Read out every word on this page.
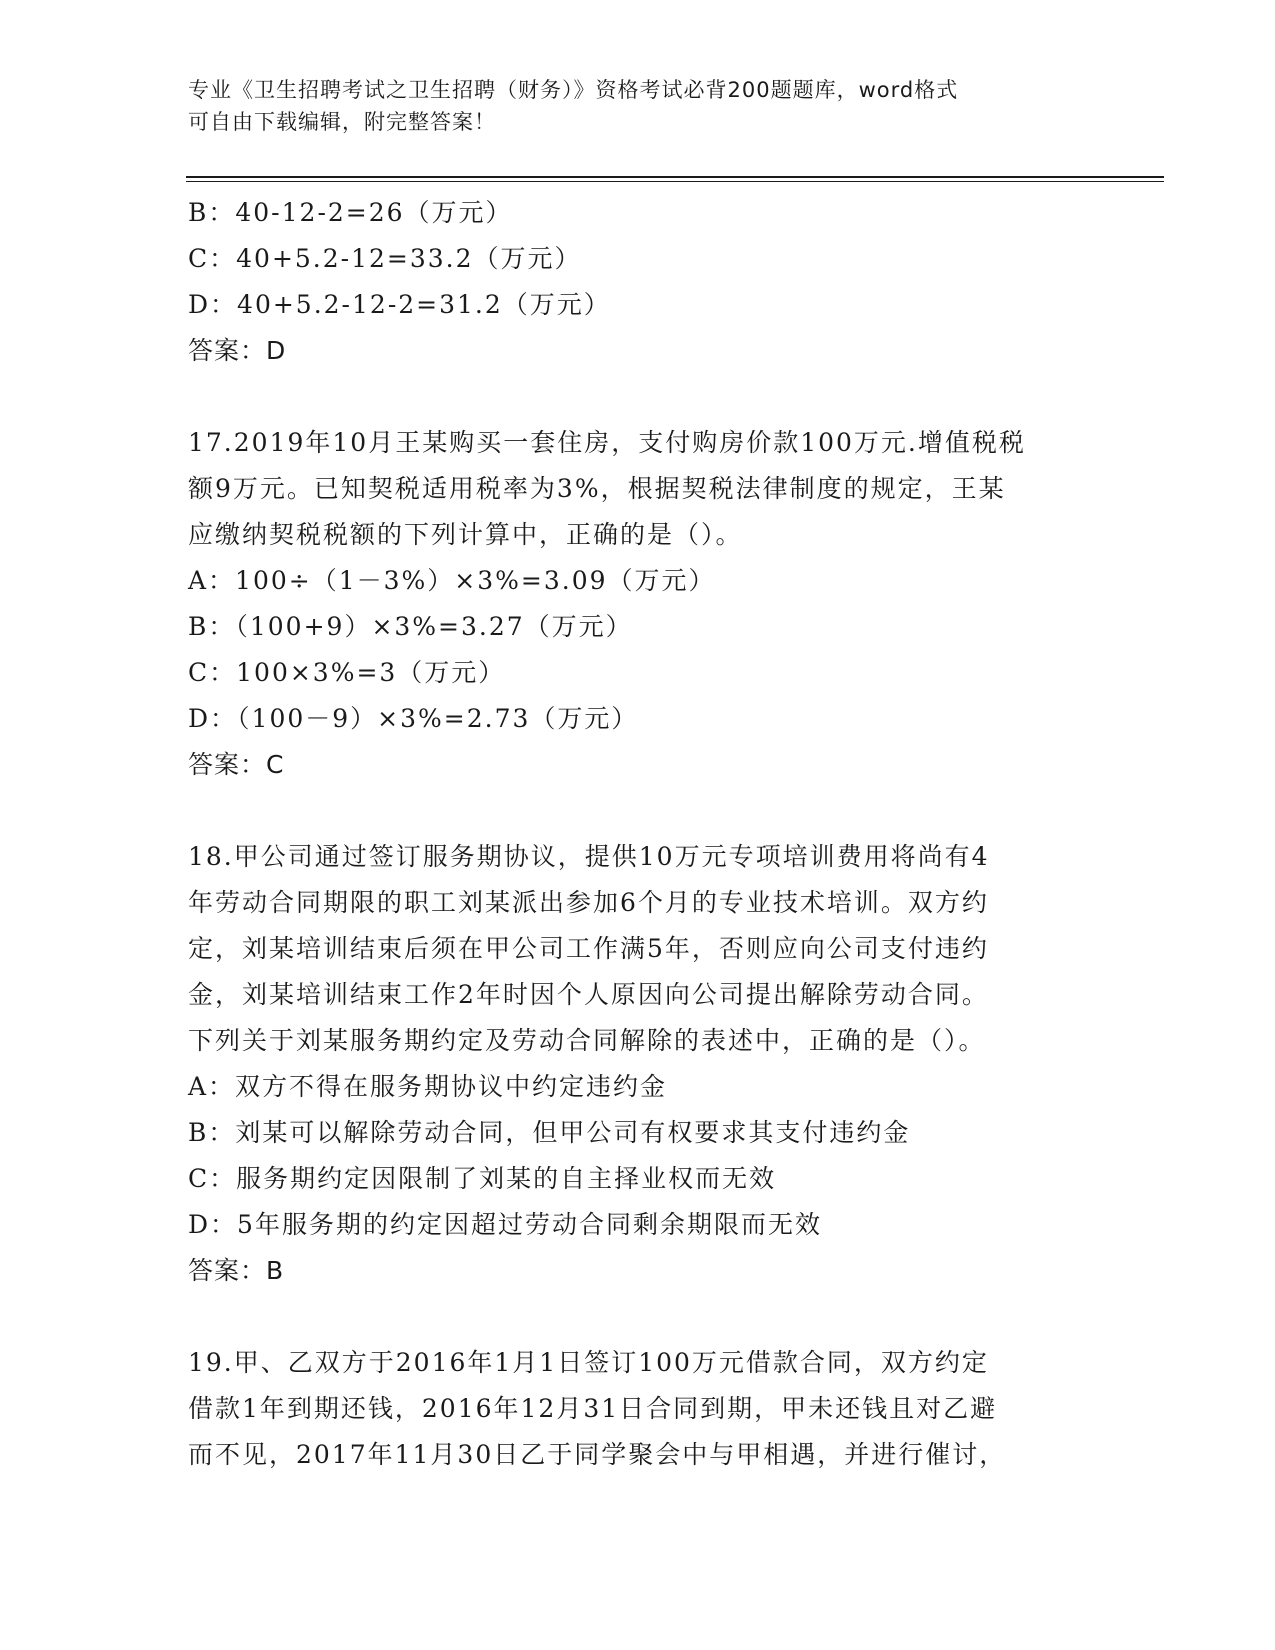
专业《卫生招聘考试之卫生招聘（财务）》资格考试必背200题题库，word格式
可自由下载编辑，附完整答案！
B：40-12-2=26（万元）
C：40+5.2-12=33.2（万元）
D：40+5.2-12-2=31.2（万元）
答案：D
17.2019年10月王某购买一套住房，支付购房价款100万元.增值税税
额9万元。已知契税适用税率为3%，根据契税法律制度的规定，王某
应缴纳契税税额的下列计算中，正确的是（）。
A：100÷（1－3%）×3%=3.09（万元）
B：（100+9）×3%=3.27（万元）
C：100×3%=3（万元）
D：（100－9）×3%=2.73（万元）
答案：C
18.甲公司通过签订服务期协议，提供10万元专项培训费用将尚有4
年劳动合同期限的职工刘某派出参加6个月的专业技术培训。双方约
定，刘某培训结束后须在甲公司工作满5年，否则应向公司支付违约
金，刘某培训结束工作2年时因个人原因向公司提出解除劳动合同。
下列关于刘某服务期约定及劳动合同解除的表述中，正确的是（）。
A：双方不得在服务期协议中约定违约金
B：刘某可以解除劳动合同，但甲公司有权要求其支付违约金
C：服务期约定因限制了刘某的自主择业权而无效
D：5年服务期的约定因超过劳动合同剩余期限而无效
答案：B
19.甲、乙双方于2016年1月1日签订100万元借款合同，双方约定
借款1年到期还钱，2016年12月31日合同到期，甲未还钱且对乙避
而不见，2017年11月30日乙于同学聚会中与甲相遇，并进行催讨，
